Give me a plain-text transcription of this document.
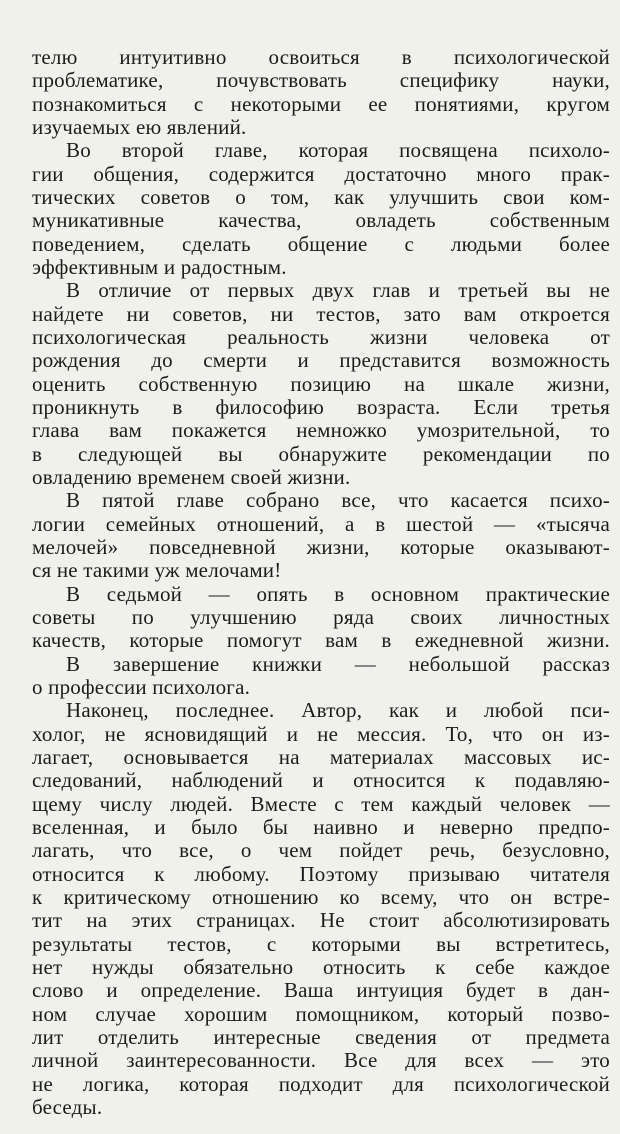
телю интуитивно освоиться в психологической
проблематике, почувствовать специфику науки,
познакомиться с некоторыми ее понятиями, кругом
изучаемых ею явлений.
Во второй главе, которая посвящена психоло-
гии общения, содержится достаточно много прак-
тических советов о том, как улучшить свои ком-
муникативные качества, овладеть собственным
поведением, сделать общение с людьми более
эффективным и радостным.
В отличие от первых двух глав и третьей вы не
найдете ни советов, ни тестов, зато вам откроется
психологическая реальность жизни человека от
рождения до смерти и представится возможность
оценить собственную позицию на шкале жизни,
проникнуть в философию возраста. Если третья
глава вам покажется немножко умозрительной, то
в следующей вы обнаружите рекомендации по
овладению временем своей жизни.
В пятой главе собрано все, что касается психо-
логии семейных отношений, а в шестой — «тысяча
мелочей» повседневной жизни, которые оказывают-
ся не такими уж мелочами!
В седьмой — опять в основном практические
советы по улучшению ряда своих личностных
качеств, которые помогут вам в ежедневной жизни.
В завершение книжки — небольшой рассказ
о профессии психолога.
Наконец, последнее. Автор, как и любой пси-
холог, не ясновидящий и не мессия. То, что он из-
лагает, основывается на материалах массовых ис-
следований, наблюдений и относится к подавляю-
щему числу людей. Вместе с тем каждый человек —
вселенная, и было бы наивно и неверно предпо-
лагать, что все, о чем пойдет речь, безусловно,
относится к любому. Поэтому призываю читателя
к критическому отношению ко всему, что он встре-
тит на этих страницах. Не стоит абсолютизировать
результаты тестов, с которыми вы встретитесь,
нет нужды обязательно относить к себе каждое
слово и определение. Ваша интуиция будет в дан-
ном случае хорошим помощником, который позво-
лит отделить интересные сведения от предмета
личной заинтересованности. Все для всех — это
не логика, которая подходит для психологической
беседы.
